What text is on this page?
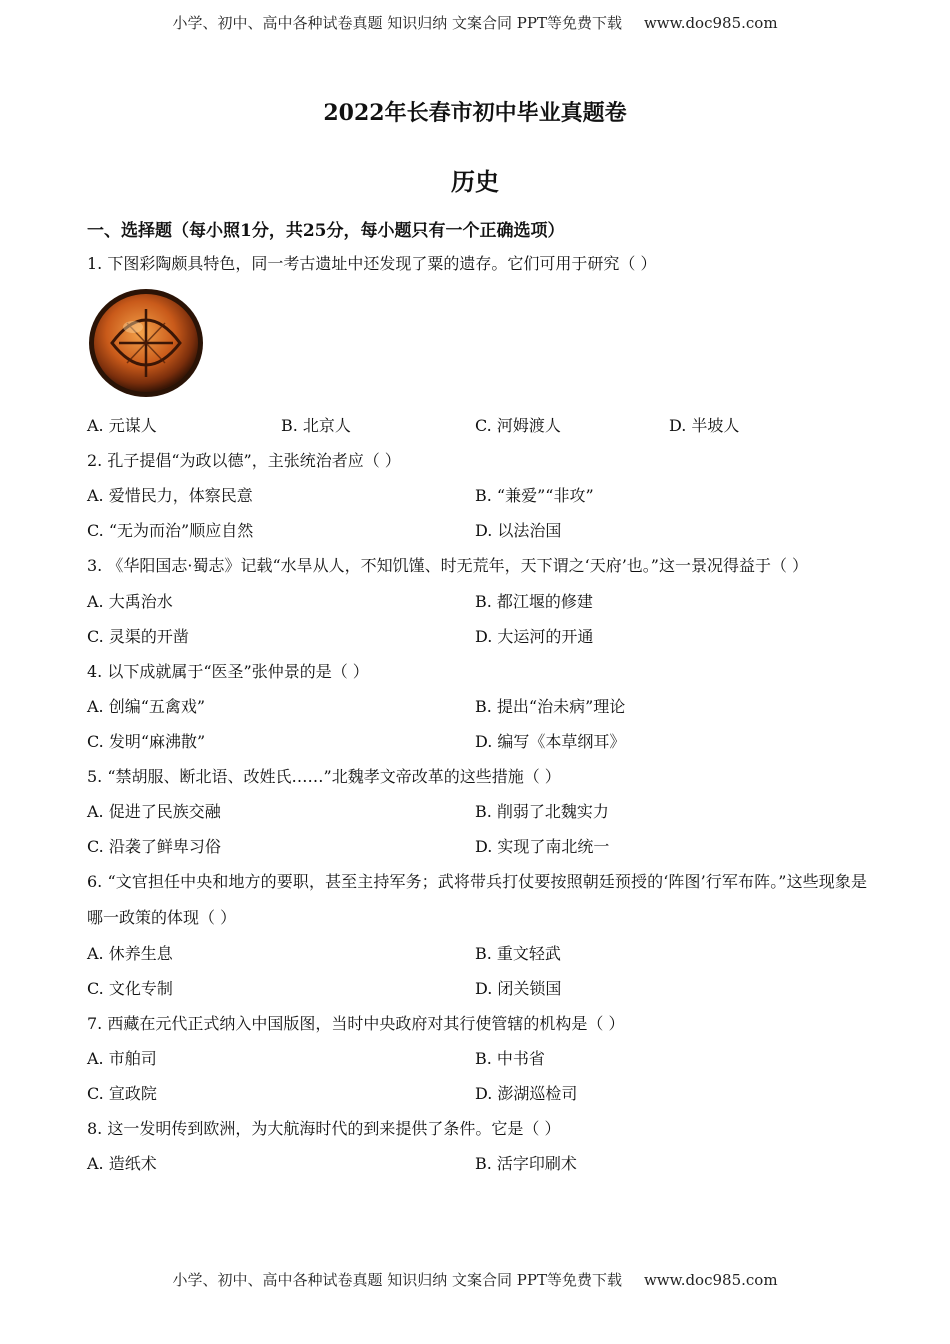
小学、初中、高中各种试卷真题 知识归纳 文案合同 PPT等免费下载 www.doc985.com
2022年长春市初中毕业真题卷
历史
一、选择题（每小照1分，共25分，每小题只有一个正确选项）
1. 下图彩陶颇具特色，同一考古遗址中还发现了粟的遗存。它们可用于研究（ ）
A. 元谋人	B. 北京人	C. 河姆渡人	D. 半坡人
2. 孔子提倡“为政以德”，主张统治者应（ ）
A. 爱惜民力，体察民意	B. “兼爱”“非攻”
C. “无为而治”顺应自然	D. 以法治国
3. 《华阳国志·蜀志》记载“水旱从人，不知饥馑、时无荒年，天下谓之‘天府’也。”这一景况得益于（ ）
A. 大禹治水	B. 都江堰的修建
C. 灵渠的开凿	D. 大运河的开通
4. 以下成就属于“医圣”张仲景的是（ ）
A. 创编“五禽戏”	B. 提出“治未病”理论
C. 发明“麻沸散”	D. 编写《本草纲耳》
5. “禁胡服、断北语、改姓氏……”北魏孝文帝改革的这些措施（ ）
A. 促进了民族交融	B. 削弱了北魏实力
C. 沿袭了鲜卑习俗	D. 实现了南北统一
6. “文官担任中央和地方的要职，甚至主持军务；武将带兵打仗要按照朝廷预授的‘阵图’行军布阵。”这些现象是哪一政策的体现（ ）
A. 休养生息	B. 重文轻武
C. 文化专制	D. 闭关锁国
7. 西藏在元代正式纳入中国版图，当时中央政府对其行使管辖的机构是（ ）
A. 市舶司	B. 中书省
C. 宣政院	D. 澎湖巡检司
8. 这一发明传到欧洲，为大航海时代的到来提供了条件。它是（ ）
A. 造纸术	B. 活字印刷术
小学、初中、高中各种试卷真题 知识归纳 文案合同 PPT等免费下载 www.doc985.com
